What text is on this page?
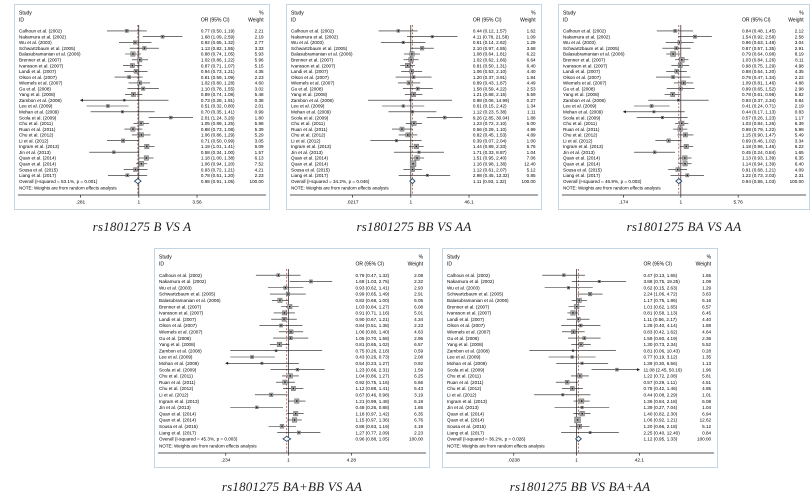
Study
ID	OR (95% CI)
%
Weight
Calhoun et al. (2002)	0.77 (0.50, 1.19)	2.21
Nakamura et al. (2002)	1.68 (1.09, 2.59)	2.19
Wu et al. (2003)	0.92 (0.65, 1.32)	2.77
Schwartzbaum et al. (2005)	1.13 (0.82, 1.55)	3.33
Balasubramanian et al. (2006)	0.88 (0.74, 1.05)	5.93
Brenner et al. (2007)	1.02 (0.86, 1.22)	5.96
Ivansson et al. (2007)	0.87 (0.71, 1.07)	5.15
Landi et al. (2007)	0.94 (0.73, 1.21)	4.35
Olson et al. (2007)	0.81 (0.59, 1.09)	2.23
Wiemels et al. (2007)	1.02 (0.80, 1.28)	4.60
Gu et al. (2008)	1.10 (0.78, 1.55)	3.02
Yang et al. (2008)	0.89 (0.74, 1.08)	5.48
Zambon et al. (2008)	0.73 (0.28, 1.91)	0.38
Lee et al. (2009)	0.51 (0.32, 0.80)	2.01
Mohan et al. (2009)	0.70 (0.35, 1.41)	0.99
Scola et al. (2009)	2.01 (1.24, 3.26)	1.80
Chu et al. (2011)	1.05 (0.89, 1.25)	5.98
Ruan et al. (2011)	0.88 (0.73, 1.08)	5.39
Chu et al. (2012)	1.06 (0.86, 1.29)	5.29
Li et al. (2012)	0.71 (0.50, 0.99)	3.05
Ingram et al. (2013)	1.19 (1.01, 1.41)	6.09
Jin et al. (2013)	0.58 (0.34, 1.00)	1.57
Quan et al. (2014)	1.18 (1.00, 1.38)	6.13
Quan et al. (2014)	1.06 (0.94, 1.20)	7.52
Sousa et al. (2015)	0.93 (0.72, 1.21)	4.21
Liang et al. (2017)	0.78 (0.51, 1.20)	2.23
Overall (I-squared = 53.1%, p = 0.001)	0.98 (0.91, 1.05)	100.00
NOTE: Weights are from random effects analysis
.281	1	3.56
Study
ID	OR (95% CI)
%
Weight
Calhoun et al. (2002)	0.44 (0.12, 1.57)	1.62
Nakamura et al. (2002)	4.11 (0.78, 21.58)	1.09
Wu et al. (2003)	0.61 (0.14, 2.62)	1.29
Schwartzbaum et al. (2005)	2.10 (0.97, 4.55)	3.68
Balasubramanian et al. (2006)	1.08 (0.64, 1.81)	6.22
Brenner et al. (2007)	1.02 (0.62, 1.66)	6.64
Ivansson et al. (2007)	0.81 (0.50, 1.31)	6.40
Landi et al. (2007)	1.06 (0.53, 2.10)	4.40
Olson et al. (2007)	1.20 (0.37, 3.91)	1.84
Wiemels et al. (2007)	0.89 (0.43, 1.87)	4.49
Gu et al. (2008)	1.58 (0.59, 4.22)	2.53
Yang et al. (2008)	1.21 (0.68, 2.15)	5.59
Zambon et al. (2008)	0.98 (0.06, 14.99)	0.27
Lee et al. (2009)	0.61 (0.15, 2.42)	1.34
Mohan et al. (2009)	1.12 (0.23, 5.38)	1.11
Scola et al. (2009)	9.26 (2.85, 30.04)	1.88
Chu et al. (2011)	1.23 (0.72, 2.10)	6.00
Ruan et al. (2011)	0.56 (0.29, 1.10)	4.99
Chu et al. (2012)	0.82 (0.45, 1.53)	4.89
Li et al. (2012)	0.39 (0.07, 2.04)	1.00
Ingram et al. (2013)	1.44 (0.89, 2.33)	6.76
Jin et al. (2013)	1.71 (0.33, 8.87)	1.04
Quan et al. (2014)	1.51 (0.95, 2.40)	7.06
Quan et al. (2014)	1.16 (0.98, 1.38)	12.40
Sousa et al. (2015)	1.12 (0.61, 2.07)	5.12
Liang et al. (2017)	2.98 (0.45, 13.32)	0.85
Overall (I-squared = 34.2%, p = 0.046)	1.11 (0.93, 1.32)	100.00
NOTE: Weights are from random effects analysis
.0217	1	46.1
Study
ID	OR (95% CI)
%
Weight
Calhoun et al. (2002)	0.84 (0.48, 1.45)	2.12
Nakamura et al. (2002)	1.54 (0.92, 2.58)	2.58
Wu et al. (2003)	0.96 (0.63, 1.48)	3.04
Schwartzbaum et al. (2005)	0.87 (0.57, 1.35)	2.91
Balasubramanian et al. (2006)	0.79 (0.64, 0.98)	8.19
Brenner et al. (2007)	1.03 (0.84, 1.26)	8.11
Ivansson et al. (2007)	0.98 (0.75, 1.29)	4.98
Landi et al. (2007)	0.88 (0.64, 1.20)	4.35
Olson et al. (2007)	0.79 (0.47, 1.34)	2.22
Wiemels et al. (2007)	1.09 (0.81, 1.46)	4.88
Gu et al. (2008)	0.99 (0.65, 1.52)	2.98
Yang et al. (2008)	0.78 (0.61, 0.98)	5.82
Zambon et al. (2008)	0.93 (0.37, 2.34)	0.84
Lee et al. (2009)	0.41 (0.24, 0.71)	2.19
Mohan et al. (2009)	0.44 (0.17, 1.13)	0.83
Scola et al. (2009)	0.57 (0.26, 1.23)	1.17
Chu et al. (2011)	1.03 (0.84, 1.26)	6.39
Ruan et al. (2011)	0.98 (0.79, 1.22)	5.98
Chu et al. (2012)	1.15 (0.90, 1.47)	5.49
Li et al. (2012)	0.69 (0.46, 1.02)	3.34
Ingram et al. (2013)	1.18 (0.96, 1.46)	6.22
Jin et al. (2013)	0.45 (0.24, 0.84)	1.65
Quan et al. (2014)	1.13 (0.93, 1.39)	6.35
Quan et al. (2014)	1.14 (0.94, 1.39)	6.40
Sousa et al. (2015)	0.91 (0.68, 1.21)	4.09
Liang et al. (2017)	1.22 (0.73, 2.03)	2.31
Overall (I-squared = 46.9%, p = 0.003)	0.94 (0.86, 1.03)	100.00
NOTE: Weights are from random effects analysis
.174	1	5.76
Study
ID	OR (95% CI)
%
Weight
Calhoun et al. (2002)	0.79 (0.47, 1.32)	2.08
Nakamura et al. (2002)	1.68 (1.03, 2.75)	2.32
Wu et al. (2003)	0.93 (0.62, 1.41)	2.93
Schwartzbaum et al. (2005)	0.99 (0.65, 1.49)	2.91
Balasubramanian et al. (2006)	0.82 (0.68, 1.00)	6.05
Brenner et al. (2007)	1.03 (0.84, 1.27)	6.08
Ivansson et al. (2007)	0.91 (0.71, 1.16)	5.01
Landi et al. (2007)	0.90 (0.67, 1.21)	4.34
Olson et al. (2007)	0.84 (0.51, 1.38)	2.23
Wiemels et al. (2007)	1.06 (0.80, 1.40)	4.63
Gu et al. (2008)	1.05 (0.70, 1.58)	2.95
Yang et al. (2008)	0.81 (0.65, 1.02)	6.57
Zambon et al. (2008)	0.75 (0.26, 2.18)	0.59
Lee et al. (2009)	0.43 (0.26, 0.73)	2.08
Mohan et al. (2009)	0.54 (0.23, 1.27)	0.92
Scola et al. (2009)	1.23 (0.66, 2.31)	1.59
Chu et al. (2011)	1.04 (0.86, 1.27)	6.25
Ruan et al. (2011)	0.92 (0.75, 1.16)	5.66
Chu et al. (2012)	1.12 (0.88, 1.41)	5.43
Li et al. (2012)	0.67 (0.46, 0.98)	3.19
Ingram et al. (2013)	1.21 (0.99, 1.48)	6.18
Jin et al. (2013)	0.48 (0.26, 0.88)	1.65
Quan et al. (2014)	1.18 (0.97, 1.42)	6.35
Quan et al. (2014)	1.15 (0.97, 1.36)	6.76
Sousa et al. (2015)	0.86 (0.63, 1.19)	4.19
Liang et al. (2017)	1.27 (0.77, 2.09)	2.23
Overall (I-squared = 45.3%, p = 0.003)	0.96 (0.88, 1.05)	100.00
NOTE: Weights are from random effects analysis
.234	1	4.28
Study
ID	OR (95% CI)
%
Weight
Calhoun et al. (2002)	0.47 (0.13, 1.65)	1.65
Nakamura et al. (2002)	3.88 (0.75, 19.25)	1.09
Wu et al. (2003)	0.62 (0.15, 2.63)	1.29
Schwartzbaum et al. (2005)	2.24 (1.06, 4.72)	3.63
Balasubramanian et al. (2006)	1.17 (0.75, 1.86)	6.16
Brenner et al. (2007)	1.01 (0.62, 1.65)	6.57
Ivansson et al. (2007)	0.81 (0.58, 1.13)	6.45
Landi et al. (2007)	1.11 (0.56, 2.17)	4.40
Olson et al. (2007)	1.28 (0.40, 4.14)	1.88
Wiemels et al. (2007)	0.83 (0.42, 1.62)	4.64
Gu et al. (2008)	1.59 (0.60, 4.19)	2.36
Yang et al. (2008)	1.30 (0.73, 2.34)	5.52
Zambon et al. (2008)	0.81 (0.06, 10.43)	0.28
Lee et al. (2009)	0.77 (0.19, 3.12)	1.35
Mohan et al. (2009)	1.39 (0.30, 6.56)	1.13
Scola et al. (2009)	11.08 (2.45, 50.16)	1.96
Chu et al. (2011)	1.22 (0.72, 2.08)	5.81
Ruan et al. (2011)	0.57 (0.29, 1.11)	4.51
Chu et al. (2012)	0.78 (0.42, 1.46)	4.85
Li et al. (2012)	0.44 (0.08, 2.29)	1.01
Ingram et al. (2013)	1.36 (0.84, 2.18)	6.08
Jin et al. (2013)	1.39 (0.27, 7.04)	1.04
Quan et al. (2014)	1.40 (0.82, 2.30)	6.94
Quan et al. (2014)	1.06 (0.92, 1.21)	12.62
Sousa et al. (2015)	1.20 (0.66, 2.18)	5.12
Liang et al. (2017)	2.25 (0.40, 12.40)	0.84
Overall (I-squared = 36.2%, p = 0.026)	1.12 (0.95, 1.33)	100.00
NOTE: Weights are from random effects analysis
.0238	1	42.1
rs1801275 B VS A	rs1801275 BB VS AA	rs1801275 BA VS AA
rs1801275 BA+BB VS AA	rs1801275 BB VS BA+AA
